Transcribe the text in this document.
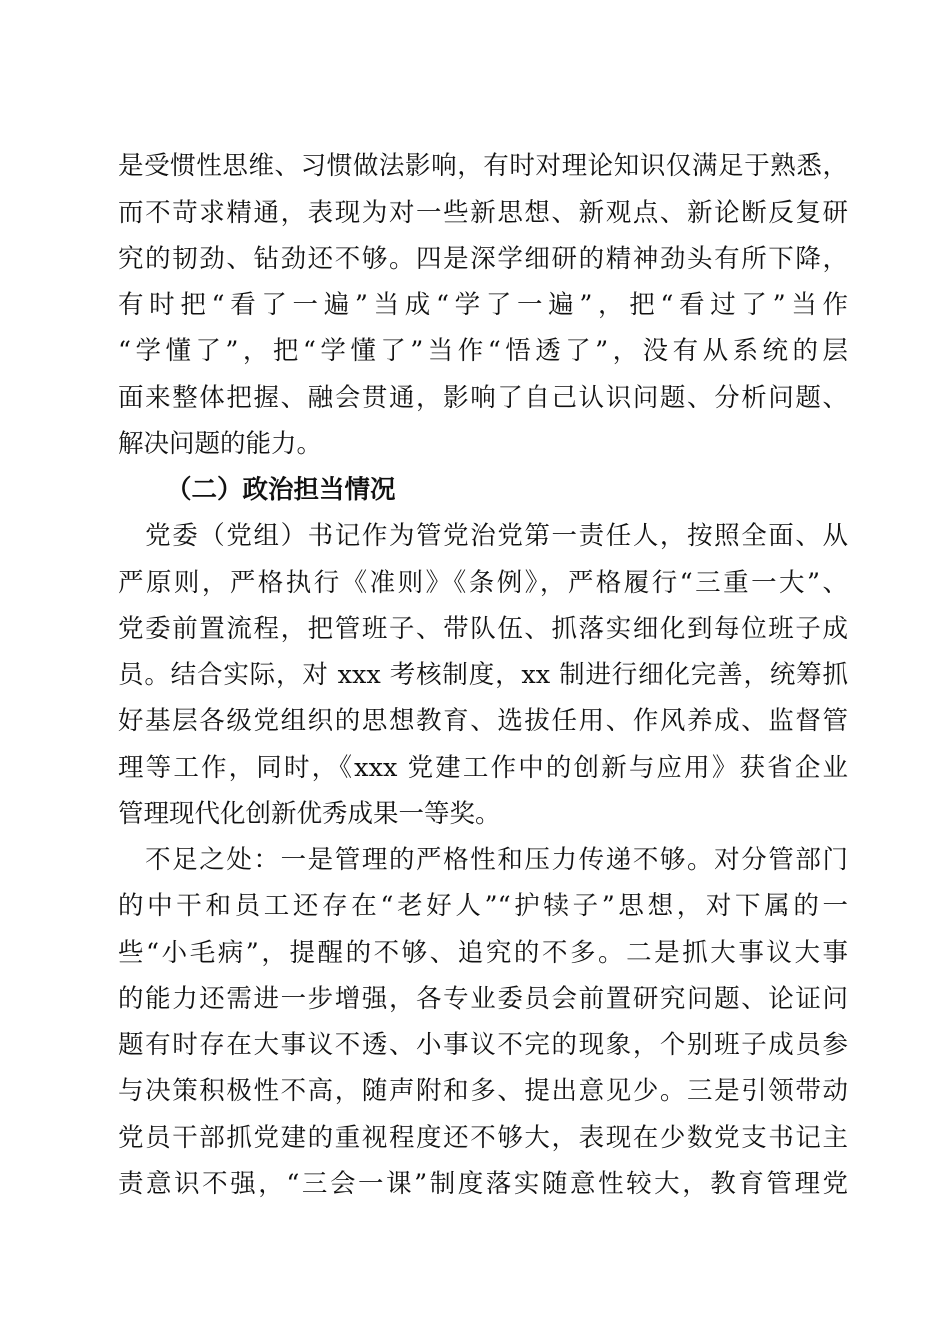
是受惯性思维、习惯做法影响，有时对理论知识仅满足于熟悉，
而不苛求精通，表现为对一些新思想、新观点、新论断反复研
究的韧劲、钻劲还不够。四是深学细研的精神劲头有所下降，
有时把“看了一遍”当成“学了一遍”，把“看过了”当作
“学懂了”，把“学懂了”当作“悟透了”，没有从系统的层
面来整体把握、融会贯通，影响了自己认识问题、分析问题、
解决问题的能力。
（二）政治担当情况
　党委（党组）书记作为管党治党第一责任人，按照全面、从
严原则，严格执行《准则》《条例》，严格履行“三重一大”、
党委前置流程，把管班子、带队伍、抓落实细化到每位班子成
员。结合实际，对 xxx 考核制度，xx 制进行细化完善，统筹抓
好基层各级党组织的思想教育、选拔任用、作风养成、监督管
理等工作，同时，《xxx 党建工作中的创新与应用》获省企业
管理现代化创新优秀成果一等奖。
　不足之处：一是管理的严格性和压力传递不够。对分管部门
的中干和员工还存在“老好人”“护犊子”思想，对下属的一
些“小毛病”，提醒的不够、追究的不多。二是抓大事议大事
的能力还需进一步增强，各专业委员会前置研究问题、论证问
题有时存在大事议不透、小事议不完的现象，个别班子成员参
与决策积极性不高，随声附和多、提出意见少。三是引领带动
党员干部抓党建的重视程度还不够大，表现在少数党支书记主
责意识不强，“三会一课”制度落实随意性较大，教育管理党
